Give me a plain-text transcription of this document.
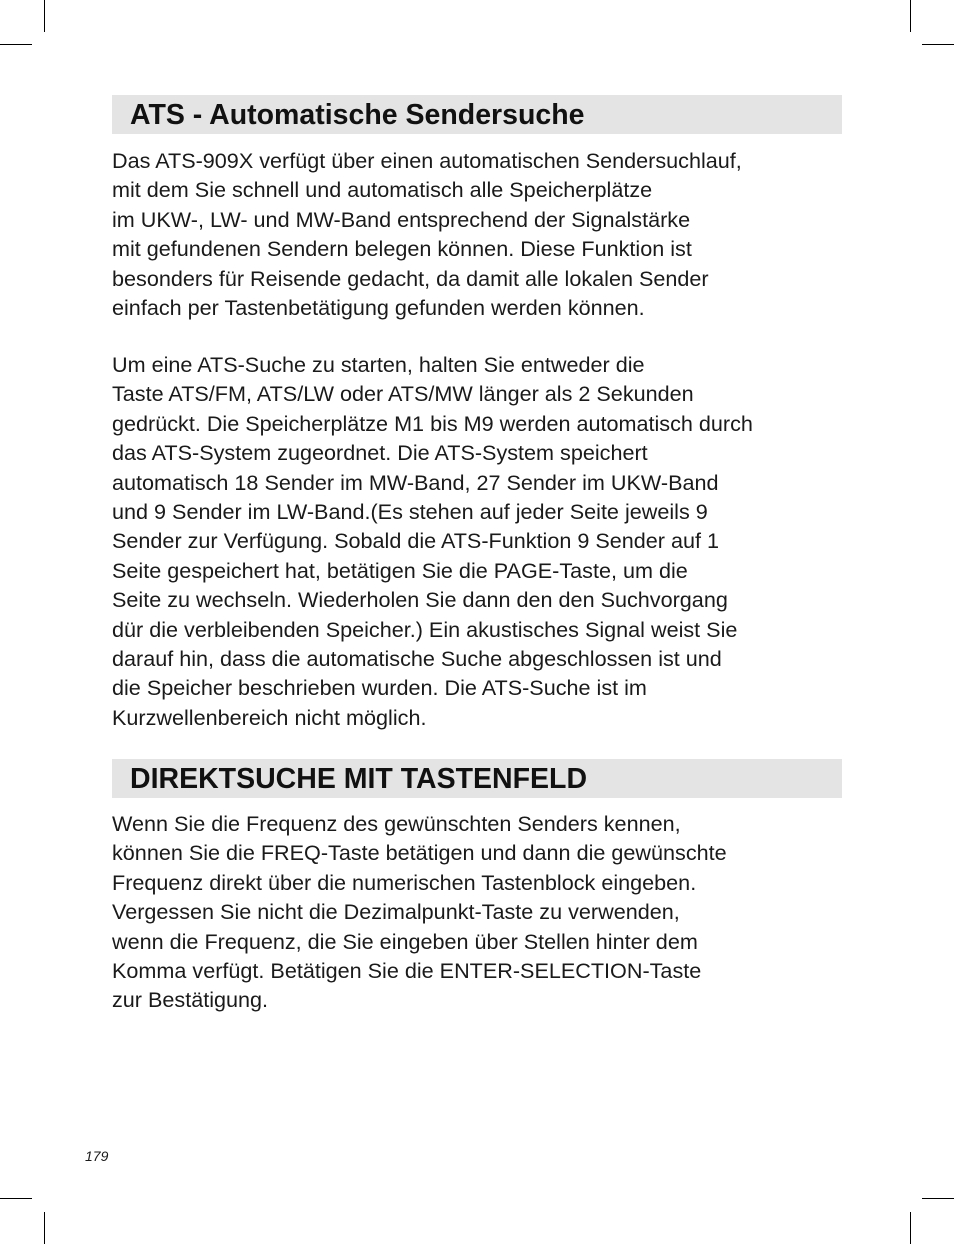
ATS - Automatische Sendersuche

Das ATS-909X verfügt über einen automatischen Sendersuchlauf,
mit dem Sie schnell und automatisch alle Speicherplätze
im UKW-, LW- und MW-Band entsprechend der Signalstärke
mit gefundenen Sendern belegen können. Diese Funktion ist
besonders für Reisende gedacht, da damit alle lokalen Sender
einfach per Tastenbetätigung gefunden werden können.

Um eine ATS-Suche zu starten, halten Sie entweder die
Taste ATS/FM, ATS/LW oder ATS/MW länger als 2 Sekunden
gedrückt. Die Speicherplätze M1 bis M9 werden automatisch durch
das ATS-System zugeordnet. Die ATS-System speichert
automatisch 18 Sender im MW-Band, 27 Sender im UKW-Band
und 9 Sender im LW-Band.(Es stehen auf jeder Seite jeweils 9
Sender zur Verfügung. Sobald die ATS-Funktion 9 Sender auf 1
Seite gespeichert hat, betätigen Sie die PAGE-Taste, um die
Seite zu wechseln. Wiederholen Sie dann den den Suchvorgang
dür die verbleibenden Speicher.) Ein akustisches Signal weist Sie
darauf hin, dass die automatische Suche abgeschlossen ist und
die Speicher beschrieben wurden. Die ATS-Suche ist im
Kurzwellenbereich nicht möglich.

DIREKTSUCHE MIT TASTENFELD

Wenn Sie die Frequenz des gewünschten Senders kennen,
können Sie die FREQ-Taste betätigen und dann die gewünschte
Frequenz direkt über die numerischen Tastenblock eingeben.
Vergessen Sie nicht die Dezimalpunkt-Taste zu verwenden,
wenn die Frequenz, die Sie eingeben über Stellen hinter dem
Komma verfügt. Betätigen Sie die ENTER-SELECTION-Taste
zur Bestätigung.

179
